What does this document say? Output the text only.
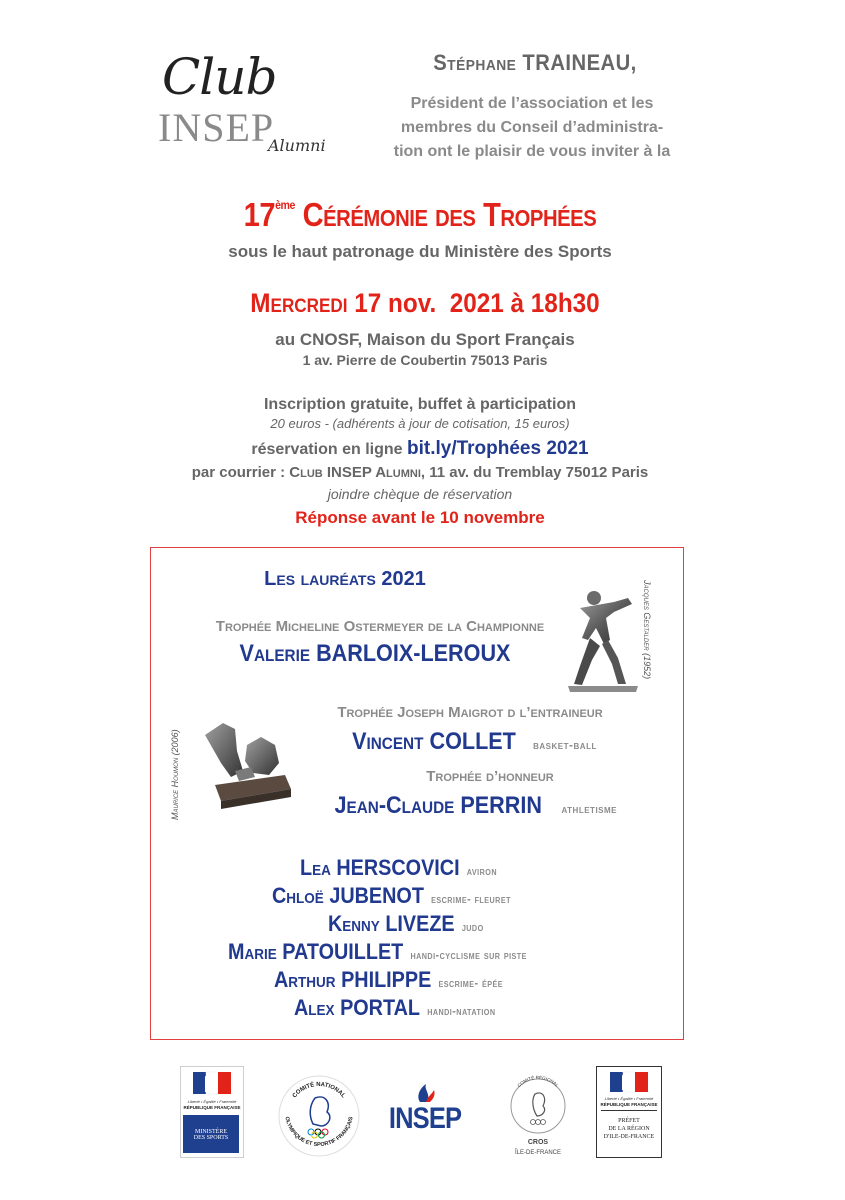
Club
INSEP
Alumni
Stéphane TRAINEAU,
Président de l’association et les
membres du Conseil d’administra-
tion ont le plaisir de vous inviter à la
17ème Cérémonie des Trophées
sous le haut patronage du Ministère des Sports
Mercredi 17 nov.  2021 à 18h30
au CNOSF, Maison du Sport Français
1 av. Pierre de Coubertin 75013 Paris
Inscription gratuite, buffet à participation
20 euros - (adhérents à jour de cotisation, 15 euros)
réservation en ligne bit.ly/Trophées 2021
par courrier : Club INSEP Alumni, 11 av. du Tremblay 75012 Paris
joindre chèque de réservation
Réponse avant le 10 novembre
Les lauréats 2021
Jacques Gestalder (1952)
Maurice Houmon (2006)
Trophée Micheline Ostermeyer de la Championne
Valerie BARLOIX-LEROUX
Trophée Joseph Maigrot d l’entraineur
Vincent COLLET basket-ball
Trophée d’honneur
Jean-Claude PERRIN athletisme
Lea HERSCOVICI aviron
Chloë JUBENOT escrime- fleuret
Kenny LIVEZE judo
Marie PATOUILLET handi-cyclisme sur piste
Arthur PHILIPPE escrime- épée
Alex PORTAL handi-natation
Liberté • Égalité • Fraternité
RÉPUBLIQUE FRANÇAISE
MINISTÈRE
DES SPORTS
COMITÉ NATIONAL
OLYMPIQUE ET SPORTIF FRANÇAIS INSEP
COMITÉ RÉGIONAL
CROS
ÎLE-DE-FRANCE
Liberté • Égalité • Fraternité
RÉPUBLIQUE FRANÇAISE
PRÉFET
DE LA RÉGION
D'ILE-DE-FRANCE
